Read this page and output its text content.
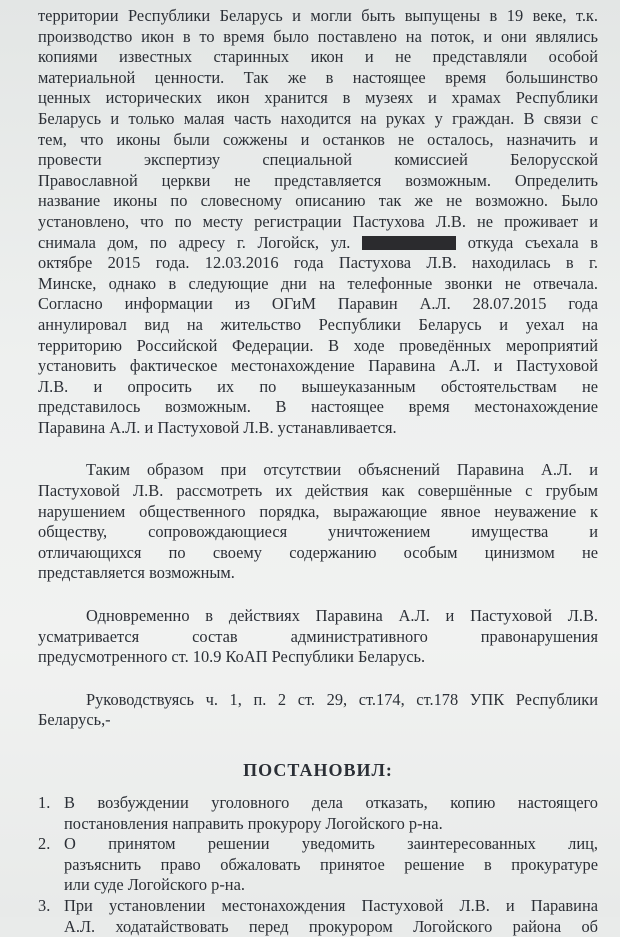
территории Республики Беларусь и могли быть выпущены в 19 веке, т.к.
производство икон в то время было поставлено на поток, и они являлись
копиями известных старинных икон и не представляли особой
материальной ценности. Так же в настоящее время большинство
ценных исторических икон хранится в музеях и храмах Республики
Беларусь и только малая часть находится на руках у граждан. В связи с
тем, что иконы были сожжены и останков не осталось, назначить и
провести экспертизу специальной комиссией Белорусской
Православной церкви не представляется возможным. Определить
название иконы по словесному описанию так же не возможно. Было
установлено, что по месту регистрации Пастухова Л.В. не проживает и
снимала дом, по адресу г. Логойск, ул.	откуда съехала в
октябре 2015 года. 12.03.2016 года Пастухова Л.В. находилась в г.
Минске, однако в следующие дни на телефонные звонки не отвечала.
Согласно информации из ОГиМ Паравин А.Л. 28.07.2015 года
аннулировал вид на жительство Республики Беларусь и уехал на
территорию Российской Федерации. В ходе проведённых мероприятий
установить фактическое местонахождение Паравина А.Л. и Пастуховой
Л.В. и опросить их по вышеуказанным обстоятельствам не
представилось возможным. В настоящее время местонахождение
Паравина А.Л. и Пастуховой Л.В. устанавливается.
Таким образом при отсутствии объяснений Паравина А.Л. и
Пастуховой Л.В. рассмотреть их действия как совершённые с грубым
нарушением общественного порядка, выражающие явное неуважение к
обществу, сопровождающиеся уничтожением имущества и
отличающихся по своему содержанию особым цинизмом не
представляется возможным.
Одновременно в действиях Паравина А.Л. и Пастуховой Л.В.
усматривается состав административного правонарушения
предусмотренного ст. 10.9 КоАП Республики Беларусь.
Руководствуясь ч. 1, п. 2 ст. 29, ст.174, ст.178 УПК Республики
Беларусь,-
ПОСТАНОВИЛ:
1. В возбуждении уголовного дела отказать, копию настоящего
постановления направить прокурору Логойского р-на.
2. О принятом решении уведомить заинтересованных лиц,
разъяснить право обжаловать принятое решение в прокуратуре
или суде Логойского р-на.
3. При установлении местонахождения Пастуховой Л.В. и Паравина
А.Л. ходатайствовать перед прокурором Логойского района об
